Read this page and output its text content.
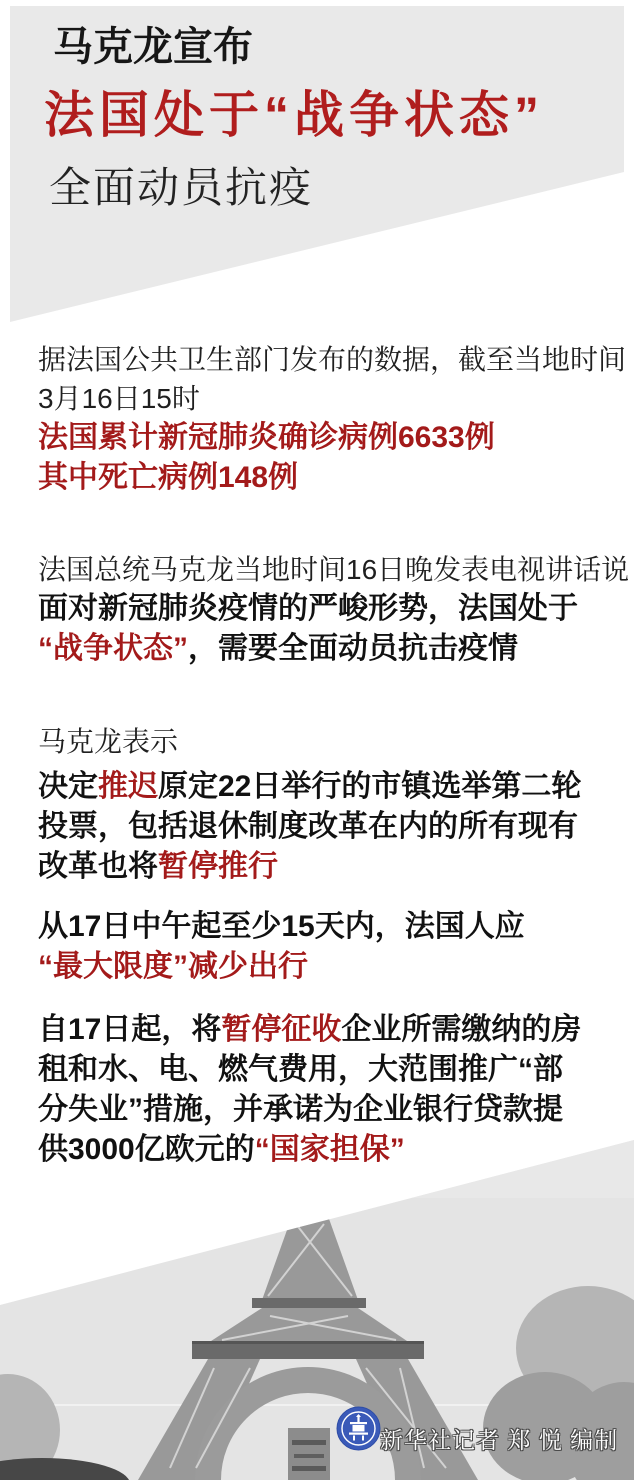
马克龙宣布
法国处于“战争状态”
全面动员抗疫
据法国公共卫生部门发布的数据，截至当地时间
3月16日15时
法国累计新冠肺炎确诊病例6633例
其中死亡病例148例
法国总统马克龙当地时间16日晚发表电视讲话说
面对新冠肺炎疫情的严峻形势，法国处于
“战争状态”，需要全面动员抗击疫情
马克龙表示
决定推迟原定22日举行的市镇选举第二轮
投票，包括退休制度改革在内的所有现有
改革也将暂停推行
从17日中午起至少15天内，法国人应
“最大限度”减少出行
自17日起，将暂停征收企业所需缴纳的房
租和水、电、燃气费用，大范围推广“部
分失业”措施，并承诺为企业银行贷款提
供3000亿欧元的“国家担保”
新华社记者 郑 悦 编制
